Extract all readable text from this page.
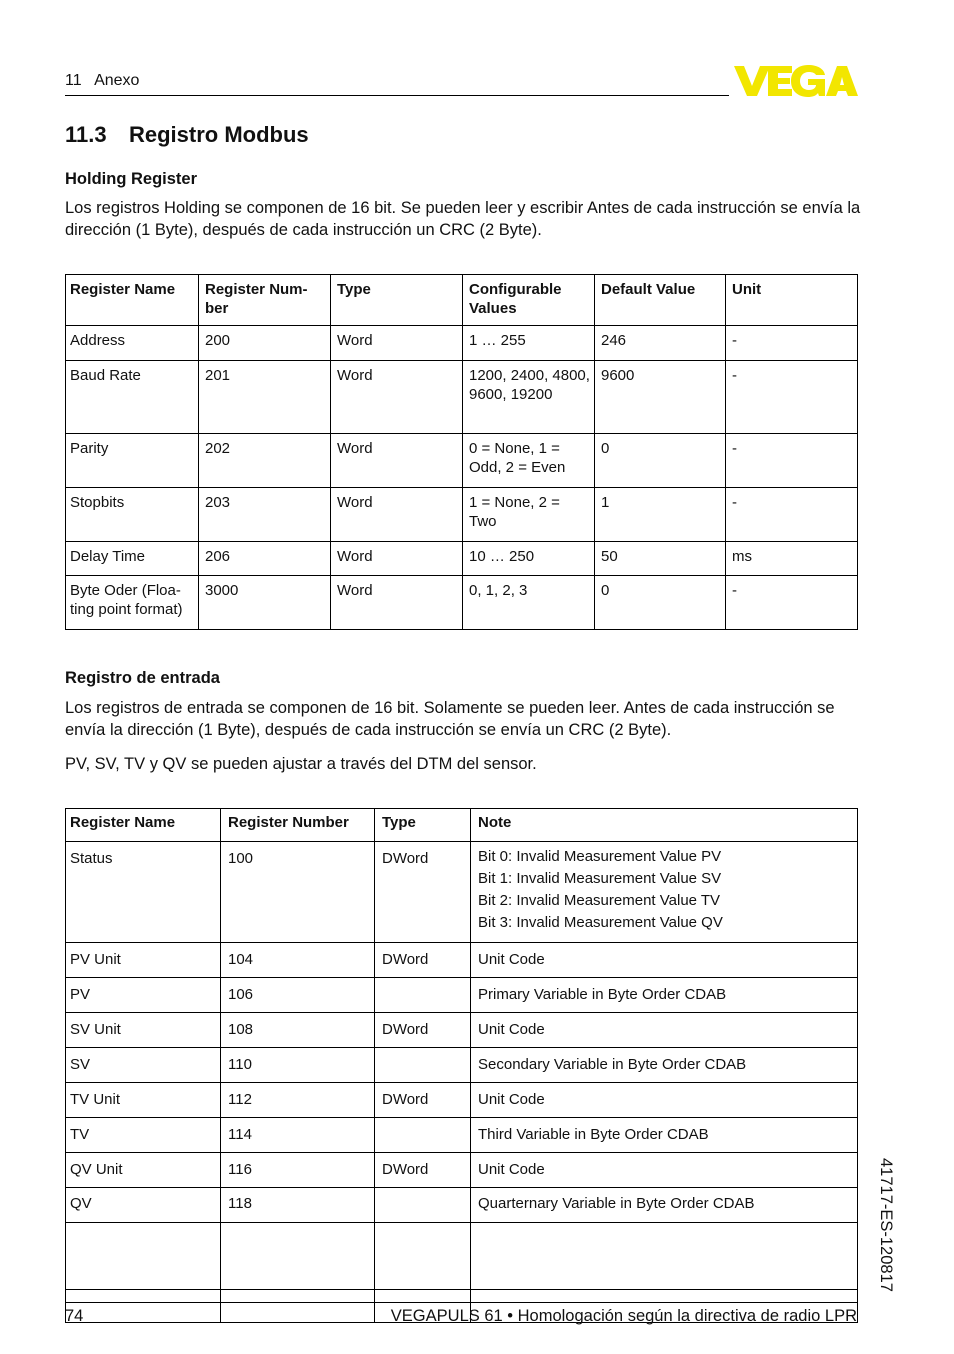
11   Anexo
11.3 Registro Modbus
Holding Register

Los registros Holding se componen de 16 bit. Se pueden leer y escribir Antes de cada instrucción se envía la dirección (1 Byte), después de cada instrucción un CRC (2 Byte).

Register Name	Register Num-ber	Type	Configurable Values	Default Value	Unit
Address	200	Word	1 … 255	246	-
Baud Rate	201	Word	1200, 2400, 4800, 9600, 19200	9600	-
Parity	202	Word	0 = None, 1 = Odd, 2 = Even	0	-
Stopbits	203	Word	1 = None, 2 = Two	1	-
Delay Time	206	Word	10 … 250	50	ms
Byte Oder (Floa-ting point format)	3000	Word	0, 1, 2, 3	0	-
Registro de entrada

Los registros de entrada se componen de 16 bit. Solamente se pueden leer. Antes de cada instrucción se envía la dirección (1 Byte), después de cada instrucción se envía un CRC (2 Byte).

PV, SV, TV y QV se pueden ajustar a través del DTM del sensor.

Register Name	Register Number	Type	Note
Status	100	DWord	Bit 0: Invalid Measurement Value PV
Bit 1: Invalid Measurement Value SV
Bit 2: Invalid Measurement Value TV
Bit 3: Invalid Measurement Value QV

PV Unit	104	DWord	Unit Code
PV	106		Primary Variable in Byte Order CDAB
SV Unit	108	DWord	Unit Code
SV	110		Secondary Variable in Byte Order CDAB
TV Unit	112	DWord	Unit Code
TV	114		Third Variable in Byte Order CDAB
QV Unit	116	DWord	Unit Code
QV	118		Quarternary Variable in Byte Order CDAB

				41717-ES-120817
74	VEGAPULS 61 • Homologación según la directiva de radio LPR
